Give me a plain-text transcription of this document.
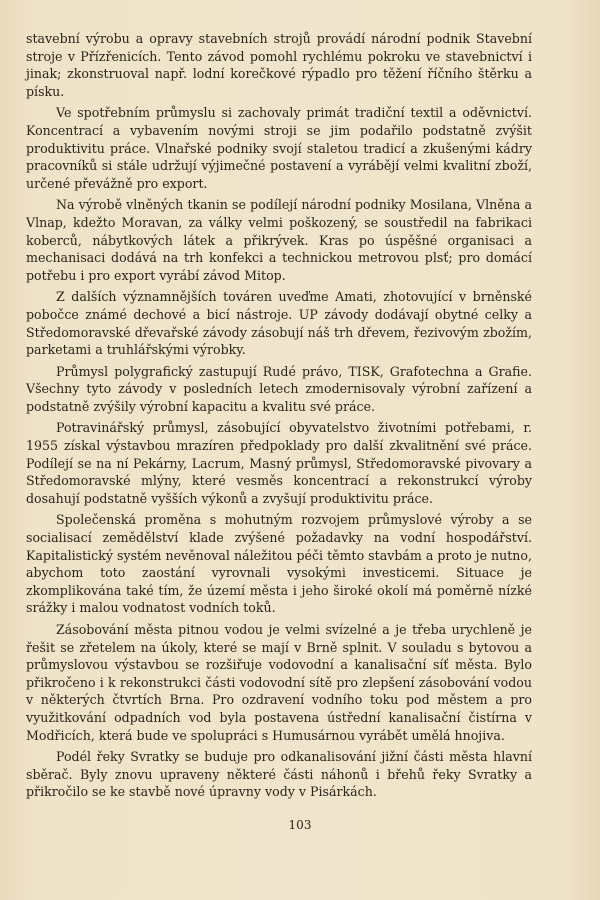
stavební výrobu a opravy stavebních strojů provádí národní podnik Stavební stroje v Přízřenicích. Tento závod pomohl rychlému pokroku ve stavebnictví i jinak; zkonstruoval např. lodní korečkové rýpadlo pro těžení říčního štěrku a písku.

Ve spotřebním průmyslu si zachovaly primát tradiční textil a oděvnictví. Koncentrací a vybavením novými stroji se jim podařilo podstatně zvýšit produktivitu práce. Vlnařské podniky svojí staletou tradicí a zkušenými kádry pracovníků si stále udržují výjimečné postavení a vyrábějí velmi kvalitní zboží, určené převážně pro export.

Na výrobě vlněných tkanin se podílejí národní podniky Mosilana, Vlněna a Vlnap, kdežto Moravan, za války velmi poškozený, se soustředil na fabrikaci koberců, nábytkových látek a přikrývek. Kras po úspěšné organisaci a mechanisaci dodává na trh konfekci a technickou metrovou plsť; pro domácí potřebu i pro export vyrábí závod Mitop.

Z dalších významnějších továren uveďme Amati, zhotovující v brněnské pobočce známé dechové a bicí nástroje. UP závody dodávají obytné celky a Středomoravské dřevařské závody zásobují náš trh dřevem, řezivovým zbožím, parketami a truhlářskými výrobky.

Průmysl polygrafický zastupují Rudé právo, TISK, Grafotechna a Grafie. Všechny tyto závody v posledních letech zmodernisovaly výrobní zařízení a podstatně zvýšily výrobní kapacitu a kvalitu své práce.

Potravinářský průmysl, zásobující obyvatelstvo životními potřebami, r. 1955 získal výstavbou mrazíren předpoklady pro další zkvalitnění své práce. Podílejí se na ní Pekárny, Lacrum, Masný průmysl, Středomoravské pivovary a Středomoravské mlýny, které vesměs koncentrací a rekonstrukcí výroby dosahují podstatně vyšších výkonů a zvyšují produktivitu práce.

Společenská proměna s mohutným rozvojem průmyslové výroby a se socialisací zemědělství klade zvýšené požadavky na vodní hospodářství. Kapitalistický systém nevěnoval náležitou péči těmto stavbám a proto je nutno, abychom toto zaostání vyrovnali vysokými investicemi. Situace je zkomplikována také tím, že území města i jeho široké okolí má poměrně nízké srážky i malou vodnatost vodních toků.

Zásobování města pitnou vodou je velmi svízelné a je třeba urychleně je řešit se zřetelem na úkoly, které se mají v Brně splnit. V souladu s bytovou a průmyslovou výstavbou se rozšiřuje vodovodní a kanalisační síť města. Bylo přikročeno i k rekonstrukci části vodovodní sítě pro zlepšení zásobování vodou v některých čtvrtích Brna. Pro ozdravení vodního toku pod městem a pro využitkování odpadních vod byla postavena ústřední kanalisační čistírna v Modřicích, která bude ve spolupráci s Humusárnou vyrábět umělá hnojiva.

Podél řeky Svratky se buduje pro odkanalisování jižní části města hlavní sběrač. Byly znovu upraveny některé části náhonů i břehů řeky Svratky a přikročilo se ke stavbě nové úpravny vody v Pisárkách.

103
